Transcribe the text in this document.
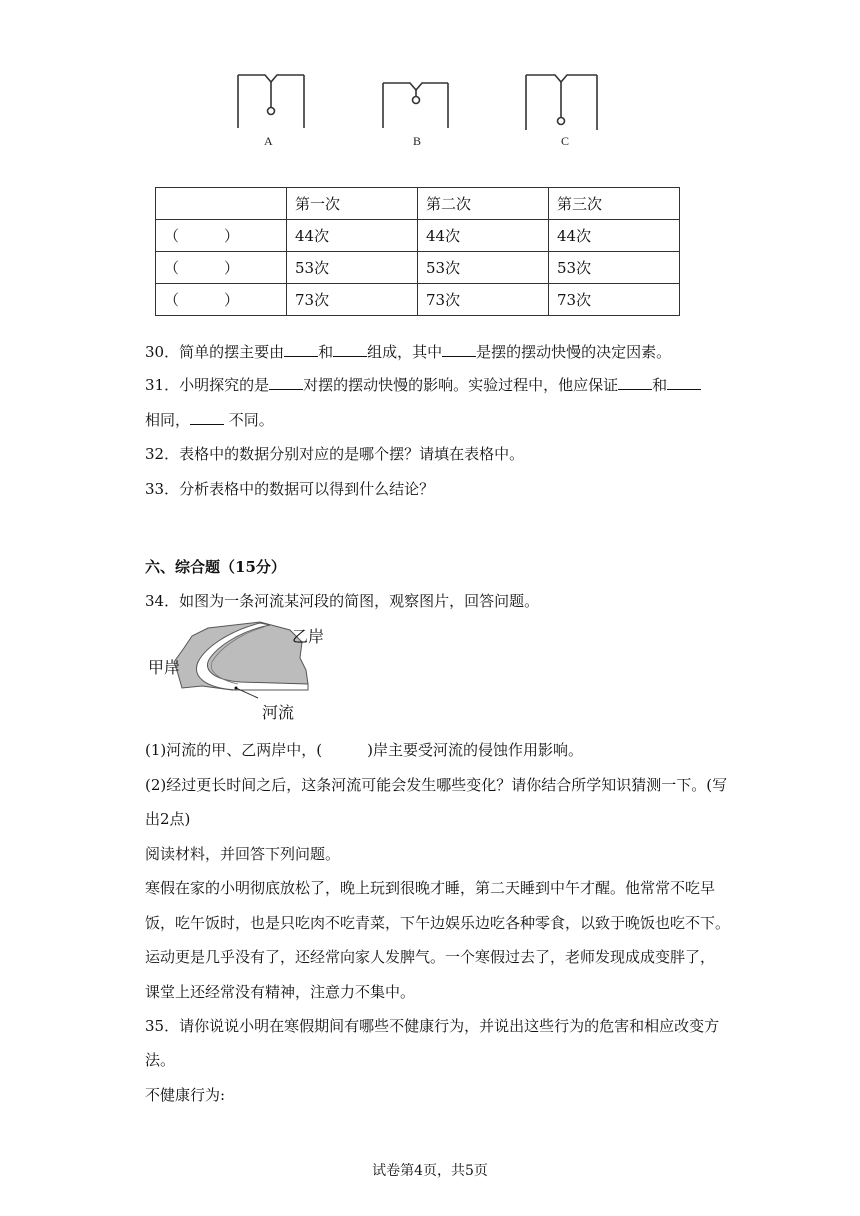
A	B	C
	第一次	第二次	第三次
（　　　）	44次	44次	44次
（　　　）	53次	53次	53次
（　　　）	73次	73次	73次
30．简单的摆主要由 和 组成，其中 是摆的摆动快慢的决定因素。
31．小明探究的是 对摆的摆动快慢的影响。实验过程中，他应保证 和
相同， 不同。
32．表格中的数据分别对应的是哪个摆？请填在表格中。
33．分析表格中的数据可以得到什么结论？
六、综合题（15分）
34．如图为一条河流某河段的简图，观察图片，回答问题。
乙岸
甲岸
河流
(1)河流的甲、乙两岸中，(　　　)岸主要受河流的侵蚀作用影响。
(2)经过更长时间之后，这条河流可能会发生哪些变化？请你结合所学知识猜测一下。(写
出2点)
阅读材料，并回答下列问题。
寒假在家的小明彻底放松了，晚上玩到很晚才睡，第二天睡到中午才醒。他常常不吃早
饭，吃午饭时，也是只吃肉不吃青菜，下午边娱乐边吃各种零食，以致于晚饭也吃不下。
运动更是几乎没有了，还经常向家人发脾气。一个寒假过去了，老师发现成成变胖了，
课堂上还经常没有精神，注意力不集中。
35．请你说说小明在寒假期间有哪些不健康行为，并说出这些行为的危害和相应改变方
法。
不健康行为:
试卷第4页，共5页
